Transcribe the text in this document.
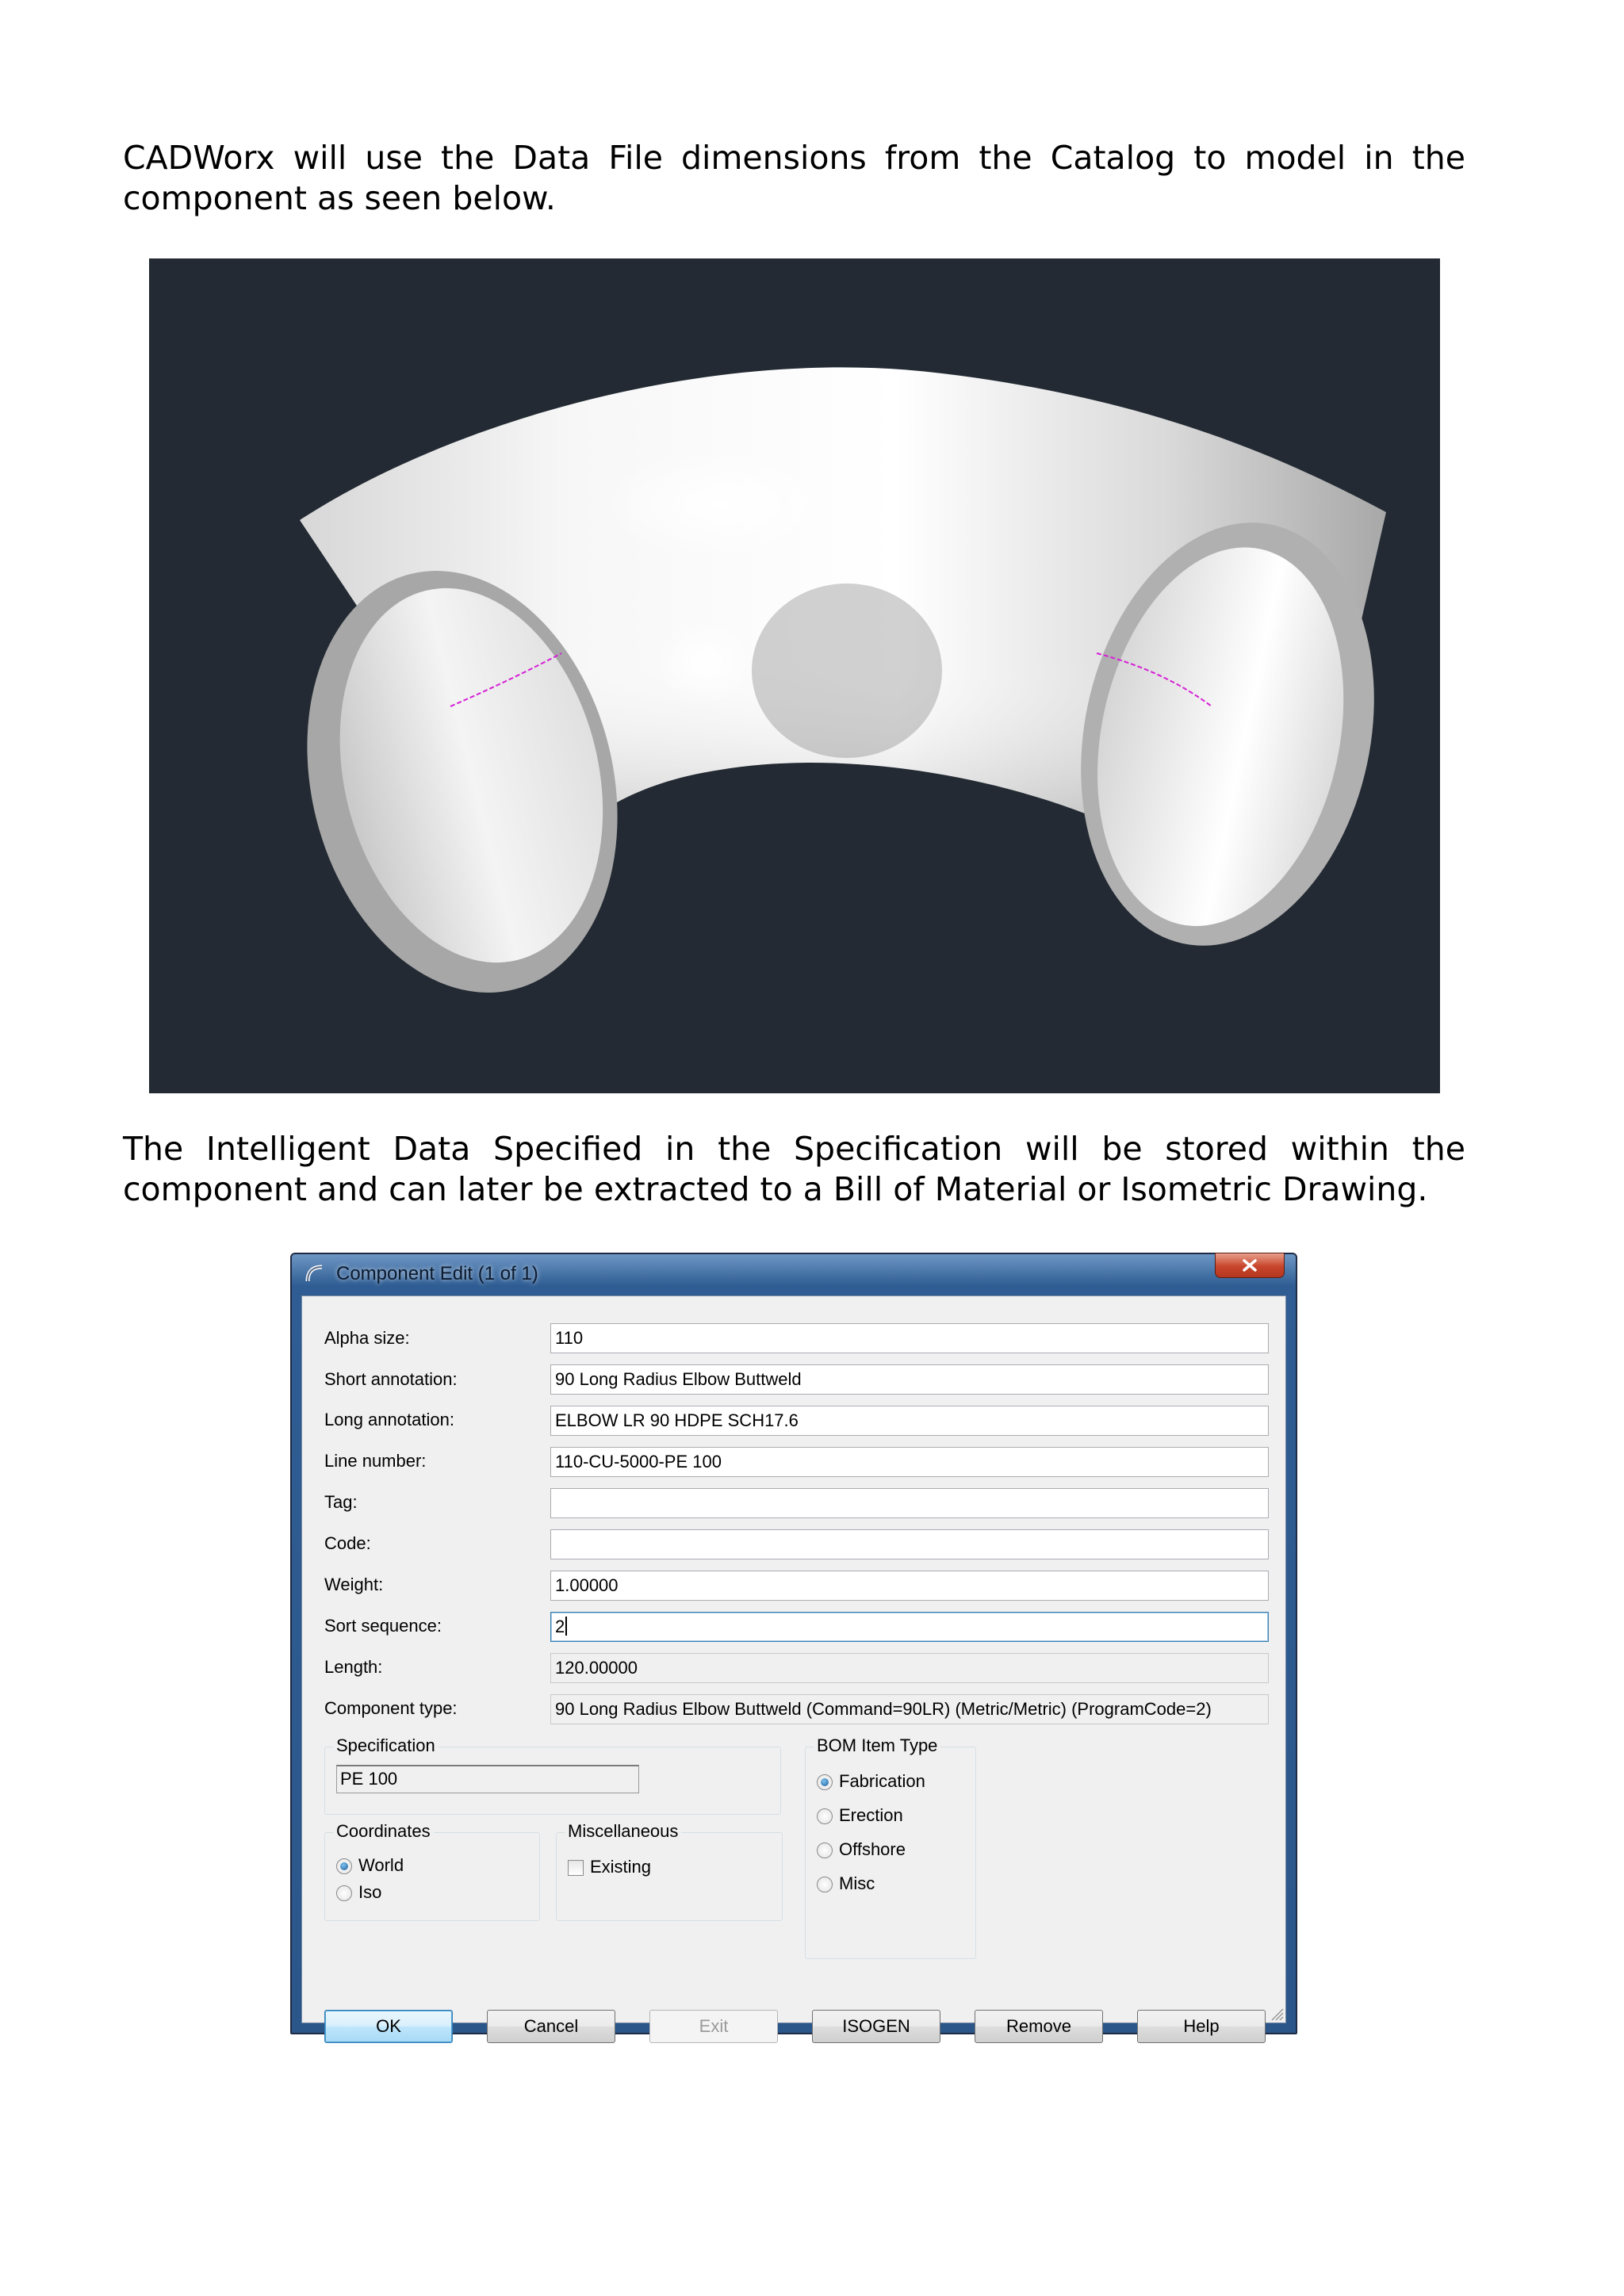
CADWorx will use the Data File dimensions from the Catalog to model in the component as seen below.

The Intelligent Data Specified in the Specification will be stored within the component and can later be extracted to a Bill of Material or Isometric Drawing.

Component Edit (1 of 1)
Alpha size:	110
Short annotation:	90 Long Radius Elbow Buttweld
Long annotation:	ELBOW LR 90 HDPE SCH17.6
Line number:	110-CU-5000-PE 100
Tag:
Code:
Weight:	1.00000
Sort sequence:	2
Length:	120.00000
Component type:	90 Long Radius Elbow Buttweld (Command=90LR) (Metric/Metric) (ProgramCode=2)
Specification
PE 100
BOM Item Type
Fabrication
Erection
Offshore
Misc
Coordinates
World
Iso
Miscellaneous
Existing
OK	Cancel	Exit	ISOGEN	Remove	Help
